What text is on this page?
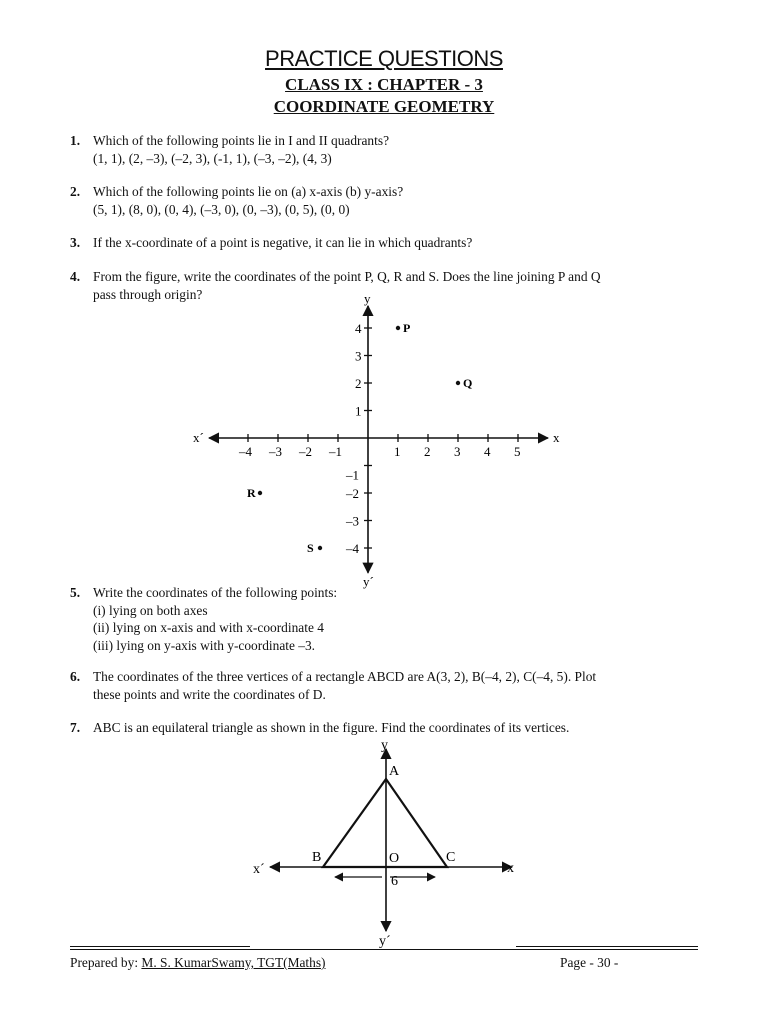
PRACTICE QUESTIONS
CLASS IX : CHAPTER - 3
COORDINATE GEOMETRY
1. Which of the following points lie in I and II quadrants?
(1, 1), (2, –3), (–2, 3), (-1, 1), (–3, –2), (4, 3)
2. Which of the following points lie on (a) x-axis (b) y-axis?
(5, 1), (8, 0), (0, 4), (–3, 0), (0, –3), (0, 5), (0, 0)
3. If the x-coordinate of a point is negative, it can lie in which quadrants?
4. From the figure, write the coordinates of the point P, Q, R and S. Does the line joining P and Q
pass through origin?
x
x´
y
y´
–4 –3 –2 –1	1 2 3 4 5
4
3
2
1
–1
–2
–3
–4
P
Q
R
S
5. Write the coordinates of the following points:
(i) lying on both axes
(ii) lying on x-axis and with x-coordinate 4
(iii) lying on y-axis with y-coordinate –3.
6. The coordinates of the three vertices of a rectangle ABCD are A(3, 2), B(–4, 2), C(–4, 5). Plot
these points and write the coordinates of D.
7. ABC is an equilateral triangle as shown in the figure. Find the coordinates of its vertices.
A
B	C
O
6
y
y´
x
x´
Prepared by: M. S. KumarSwamy, TGT(Maths)	Page - 30 -
